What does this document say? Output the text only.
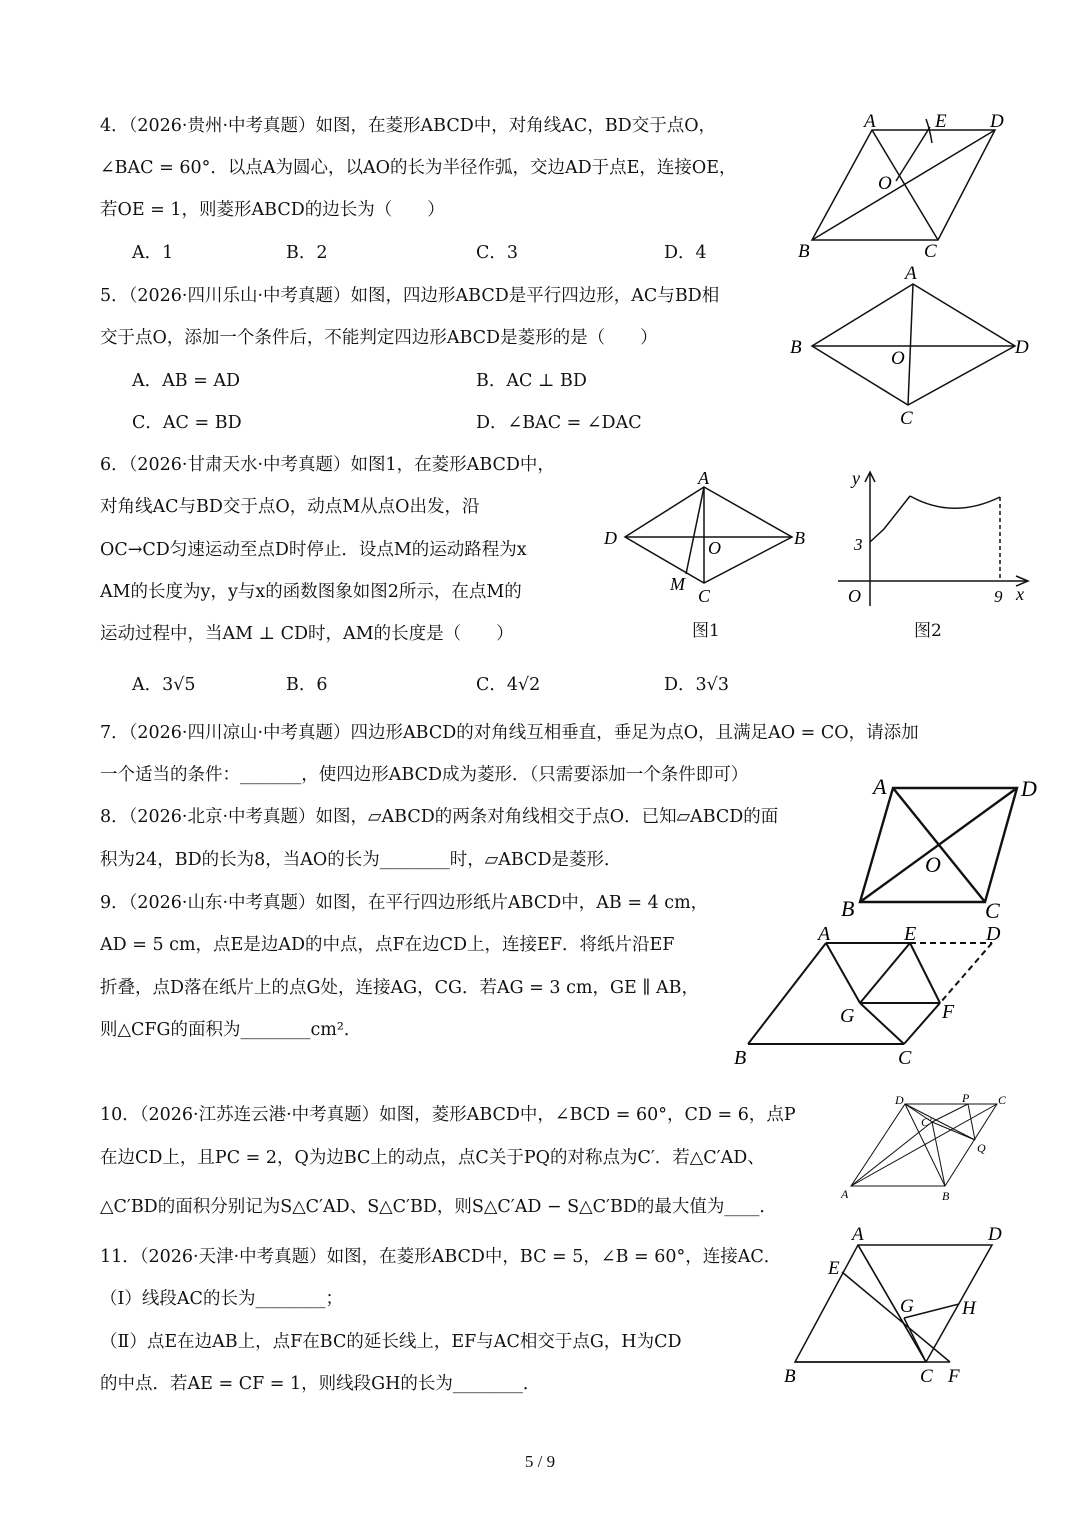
4．（2026·贵州·中考真题）如图，在菱形ABCD中，对角线AC，BD交于点O，
∠BAC = 60°．以点A为圆心，以AO的长为半径作弧，交边AD于点E，连接OE，
若OE = 1，则菱形ABCD的边长为（　　）
A．1	B．2	C．3	D．4
A	E D
O
B	C
5．（2026·四川乐山·中考真题）如图，四边形ABCD是平行四边形，AC与BD相
交于点O，添加一个条件后，不能判定四边形ABCD是菱形的是（　　）
A．AB = AD	B．AC ⊥ BD
C．AC = BD	D．∠BAC = ∠DAC
A
B	D
O
C
6．（2026·甘肃天水·中考真题）如图1，在菱形ABCD中，
对角线AC与BD交于点O，动点M从点O出发，沿
OC→CD匀速运动至点D时停止．设点M的运动路程为x
AM的长度为y，y与x的函数图象如图2所示，在点M的
运动过程中，当AM ⊥ CD时，AM的长度是（　　）
A．3√5	B．6	C．4√2	D．3√3
A
D	B
O
M
C
图1
y
3
O	9 x
图2
7．（2026·四川凉山·中考真题）四边形ABCD的对角线互相垂直，垂足为点O，且满足AO = CO，请添加
一个适当的条件：_______，使四边形ABCD成为菱形．（只需要添加一个条件即可）
8．（2026·北京·中考真题）如图，▱ABCD的两条对角线相交于点O．已知▱ABCD的面
积为24，BD的长为8，当AO的长为________时，▱ABCD是菱形．
A	D
O
B	C
9．（2026·山东·中考真题）如图，在平行四边形纸片ABCD中，AB = 4 cm，
AD = 5 cm，点E是边AD的中点，点F在边CD上，连接EF．将纸片沿EF
折叠，点D落在纸片上的点G处，连接AG，CG．若AG = 3 cm，GE ∥ AB，
则△CFG的面积为________cm²．
A	E	D
G	F
B	C
10．（2026·江苏连云港·中考真题）如图，菱形ABCD中，∠BCD = 60°，CD = 6，点P
在边CD上，且PC = 2，Q为边BC上的动点，点C关于PQ的对称点为C′．若△C′AD、
△C′BD的面积分别记为S△C′AD、S△C′BD，则S△C′AD − S△C′BD的最大值为____．
D	P C
C′
Q
A	B
11．（2026·天津·中考真题）如图，在菱形ABCD中，BC = 5，∠B = 60°，连接AC．
（Ⅰ）线段AC的长为________；
（Ⅱ）点E在边AB上，点F在BC的延长线上，EF与AC相交于点G，H为CD
的中点．若AE = CF = 1，则线段GH的长为________．
A	D
E
G	H
B	C F
5 / 9
